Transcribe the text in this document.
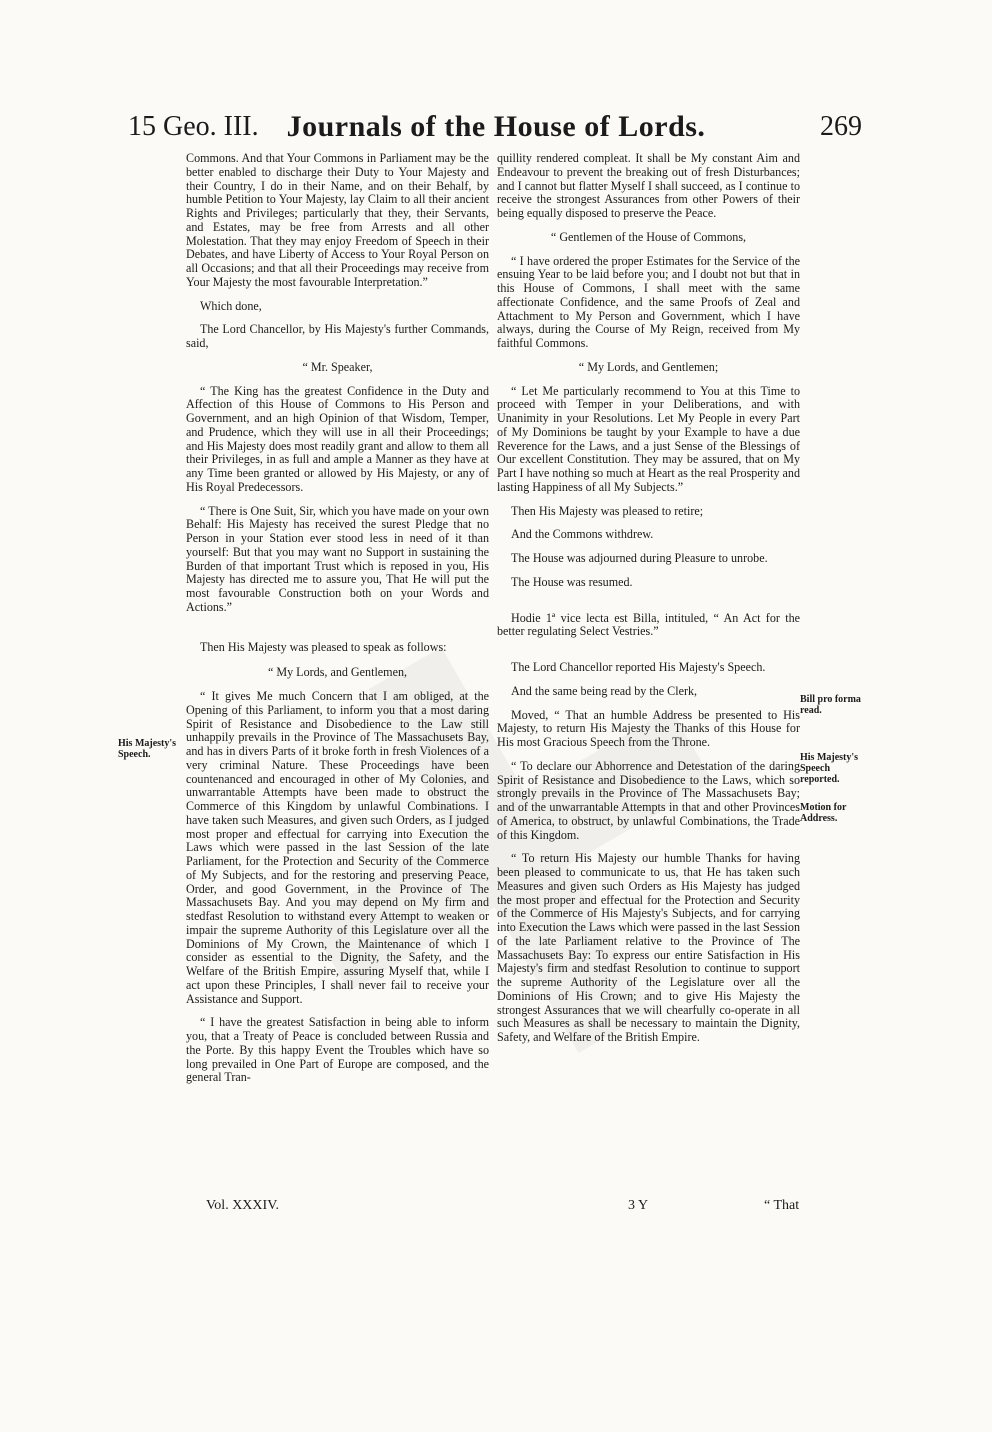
15 Geo. III. Journals of the House of Lords.	269

Commons. And that Your Commons in Parliament may be the better enabled to discharge their Duty to Your Majesty and their Country, I do in their Name, and on their Behalf, by humble Petition to Your Majesty, lay Claim to all their ancient Rights and Privileges; particularly that they, their Servants, and Estates, may be free from Arrests and all other Molestation. That they may enjoy Freedom of Speech in their Debates, and have Liberty of Access to Your Royal Person on all Occasions; and that all their Proceedings may receive from Your Majesty the most favourable Interpretation.”

Which done,

The Lord Chancellor, by His Majesty's further Commands, said,

“ Mr. Speaker,

“ The King has the greatest Confidence in the Duty and Affection of this House of Commons to His Person and Government, and an high Opinion of that Wisdom, Temper, and Prudence, which they will use in all their Proceedings; and His Majesty does most readily grant and allow to them all their Privileges, in as full and ample a Manner as they have at any Time been granted or allowed by His Majesty, or any of His Royal Predecessors.

“ There is One Suit, Sir, which you have made on your own Behalf: His Majesty has received the surest Pledge that no Person in your Station ever stood less in need of it than yourself: But that you may want no Support in sustaining the Burden of that important Trust which is reposed in you, His Majesty has directed me to assure you, That He will put the most favourable Construction both on your Words and Actions.”

Then His Majesty was pleased to speak as follows:

“ My Lords, and Gentlemen,

“ It gives Me much Concern that I am obliged, at the Opening of this Parliament, to inform you that a most daring Spirit of Resistance and Disobedience to the Law still unhappily prevails in the Province of The Massachusets Bay, and has in divers Parts of it broke forth in fresh Violences of a very criminal Nature. These Proceedings have been countenanced and encouraged in other of My Colonies, and unwarrantable Attempts have been made to obstruct the Commerce of this Kingdom by unlawful Combinations. I have taken such Measures, and given such Orders, as I judged most proper and effectual for carrying into Execution the Laws which were passed in the last Session of the late Parliament, for the Protection and Security of the Commerce of My Subjects, and for the restoring and preserving Peace, Order, and good Government, in the Province of The Massachusets Bay. And you may depend on My firm and stedfast Resolution to withstand every Attempt to weaken or impair the supreme Authority of this Legislature over all the Dominions of My Crown, the Maintenance of which I consider as essential to the Dignity, the Safety, and the Welfare of the British Empire, assuring Myself that, while I act upon these Principles, I shall never fail to receive your Assistance and Support.

“ I have the greatest Satisfaction in being able to inform you, that a Treaty of Peace is concluded between Russia and the Porte. By this happy Event the Troubles which have so long prevailed in One Part of Europe are composed, and the general Tran-

quillity rendered compleat. It shall be My constant Aim and Endeavour to prevent the breaking out of fresh Disturbances; and I cannot but flatter Myself I shall succeed, as I continue to receive the strongest Assurances from other Powers of their being equally disposed to preserve the Peace.

“ Gentlemen of the House of Commons,

“ I have ordered the proper Estimates for the Service of the ensuing Year to be laid before you; and I doubt not but that in this House of Commons, I shall meet with the same affectionate Confidence, and the same Proofs of Zeal and Attachment to My Person and Government, which I have always, during the Course of My Reign, received from My faithful Commons.

“ My Lords, and Gentlemen;

“ Let Me particularly recommend to You at this Time to proceed with Temper in your Deliberations, and with Unanimity in your Resolutions. Let My People in every Part of My Dominions be taught by your Example to have a due Reverence for the Laws, and a just Sense of the Blessings of Our excellent Constitution. They may be assured, that on My Part I have nothing so much at Heart as the real Prosperity and lasting Happiness of all My Subjects.”

Then His Majesty was pleased to retire;

And the Commons withdrew.

The House was adjourned during Pleasure to unrobe.

The House was resumed.

Hodie 1ª vice lecta est Billa, intituled, “ An Act for the better regulating Select Vestries.”

The Lord Chancellor reported His Majesty's Speech.

And the same being read by the Clerk,

Moved, “ That an humble Address be presented to His Majesty, to return His Majesty the Thanks of this House for His most Gracious Speech from the Throne.

“ To declare our Abhorrence and Detestation of the daring Spirit of Resistance and Disobedience to the Laws, which so strongly prevails in the Province of The Massachusets Bay; and of the unwarrantable Attempts in that and other Provinces of America, to obstruct, by unlawful Combinations, the Trade of this Kingdom.

“ To return His Majesty our humble Thanks for having been pleased to communicate to us, that He has taken such Measures and given such Orders as His Majesty has judged the most proper and effectual for the Protection and Security of the Commerce of His Majesty's Subjects, and for carrying into Execution the Laws which were passed in the last Session of the late Parliament relative to the Province of The Massachusets Bay: To express our entire Satisfaction in His Majesty's firm and stedfast Resolution to continue to support the supreme Authority of the Legislature over all the Dominions of His Crown; and to give His Majesty the strongest Assurances that we will chearfully co-operate in all such Measures as shall be necessary to maintain the Dignity, Safety, and Welfare of the British Empire.

His Majesty's Speech.
Bill pro forma read.
His Majesty's Speech reported.
Motion for Address.
Vol. XXXIV.	3 Y	“ That
